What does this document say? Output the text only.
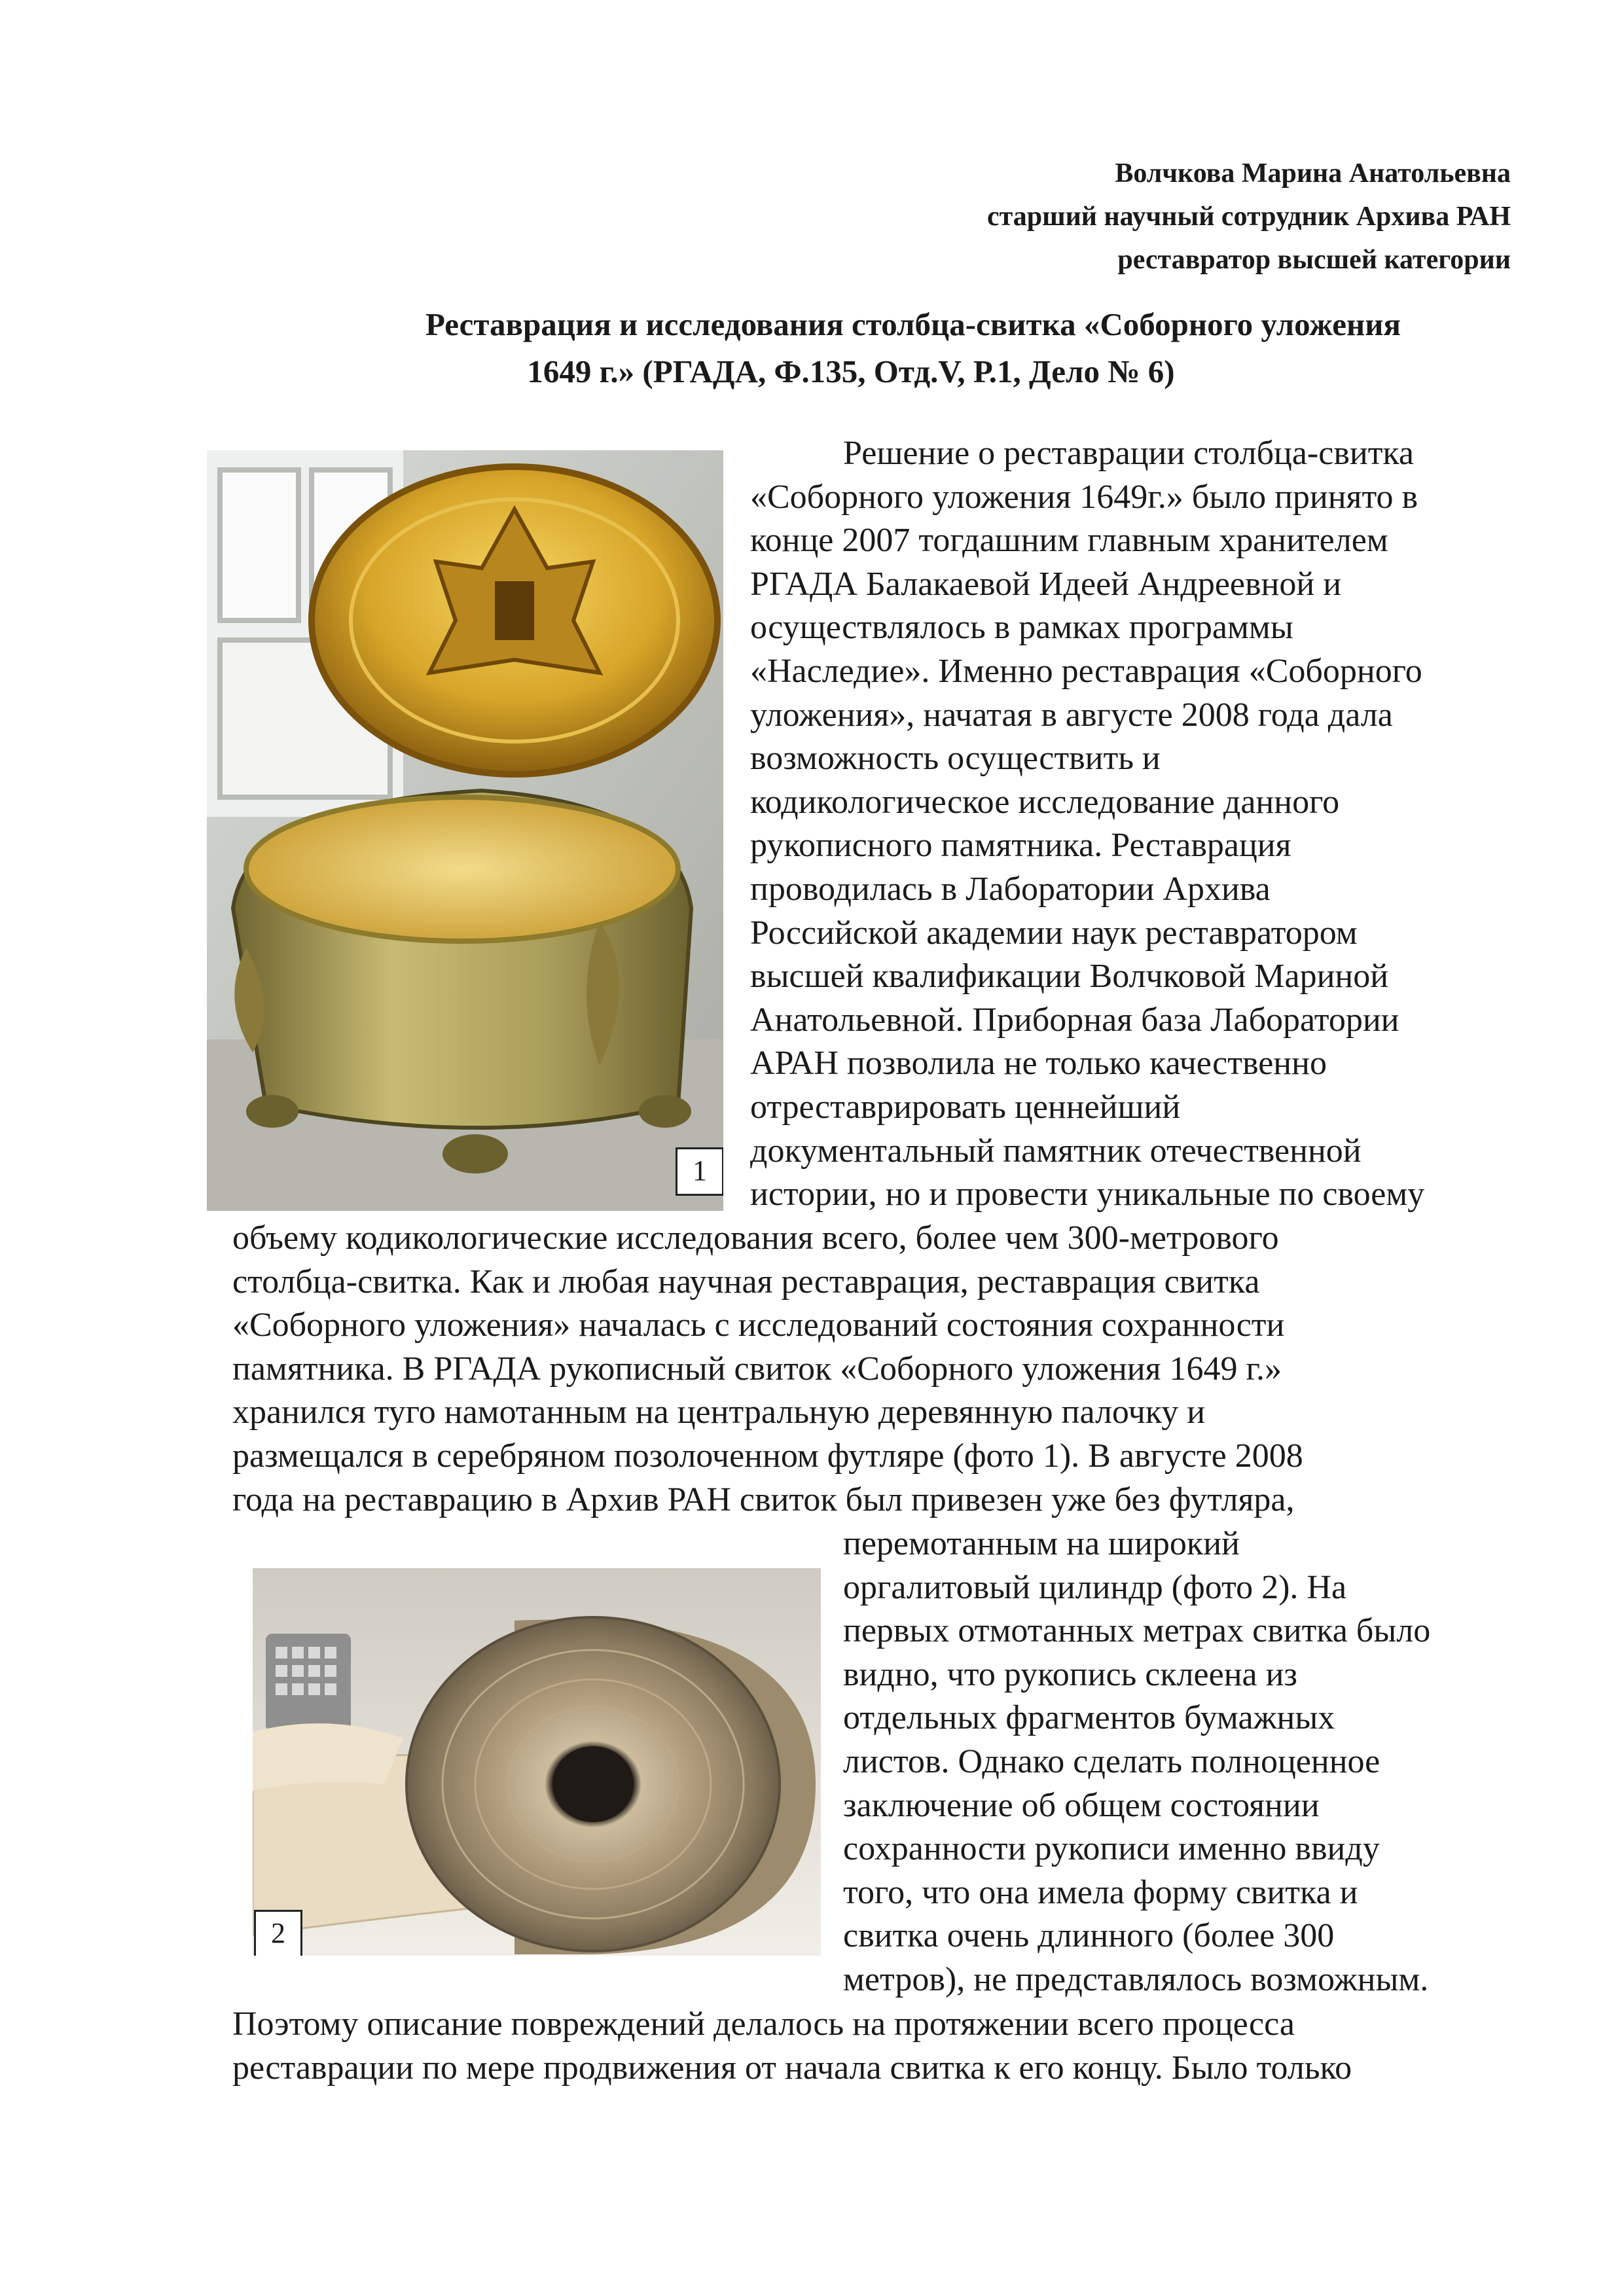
Волчкова Марина Анатольевна
старший научный сотрудник Архива РАН
реставратор высшей категории
Реставрация и исследования столбца-свитка «Соборного уложения
1649 г.» (РГАДА, Ф.135, Отд.V, Р.1, Дело № 6)
1
Решение о реставрации столбца-свитка
«Соборного уложения 1649г.» было принято в
конце 2007 тогдашним главным хранителем
РГАДА Балакаевой Идеей Андреевной и
осуществлялось в рамках программы
«Наследие». Именно реставрация «Соборного
уложения», начатая в августе 2008 года дала
возможность осуществить и
кодикологическое исследование данного
рукописного памятника. Реставрация
проводилась в Лаборатории Архива
Российской академии наук реставратором
высшей квалификации Волчковой Мариной
Анатольевной. Приборная база Лаборатории
АРАН позволила не только качественно
отреставрировать ценнейший
документальный памятник отечественной
истории, но и провести уникальные по своему
объему кодикологические исследования всего, более чем 300-метрового
столбца-свитка. Как и любая научная реставрация, реставрация свитка
«Соборного уложения» началась с исследований состояния сохранности
памятника. В РГАДА рукописный свиток «Соборного уложения 1649 г.»
хранился туго намотанным на центральную деревянную палочку и
размещался в серебряном позолоченном футляре (фото 1). В августе 2008
года на реставрацию в Архив РАН свиток был привезен уже без футляра,
2
перемотанным на широкий
оргалитовый цилиндр (фото 2). На
первых отмотанных метрах свитка было
видно, что рукопись склеена из
отдельных фрагментов бумажных
листов. Однако сделать полноценное
заключение об общем состоянии
сохранности рукописи именно ввиду
того, что она имела форму свитка и
свитка очень длинного (более 300
метров), не представлялось возможным.
Поэтому описание повреждений делалось на протяжении всего процесса
реставрации по мере продвижения от начала свитка к его концу. Было только
